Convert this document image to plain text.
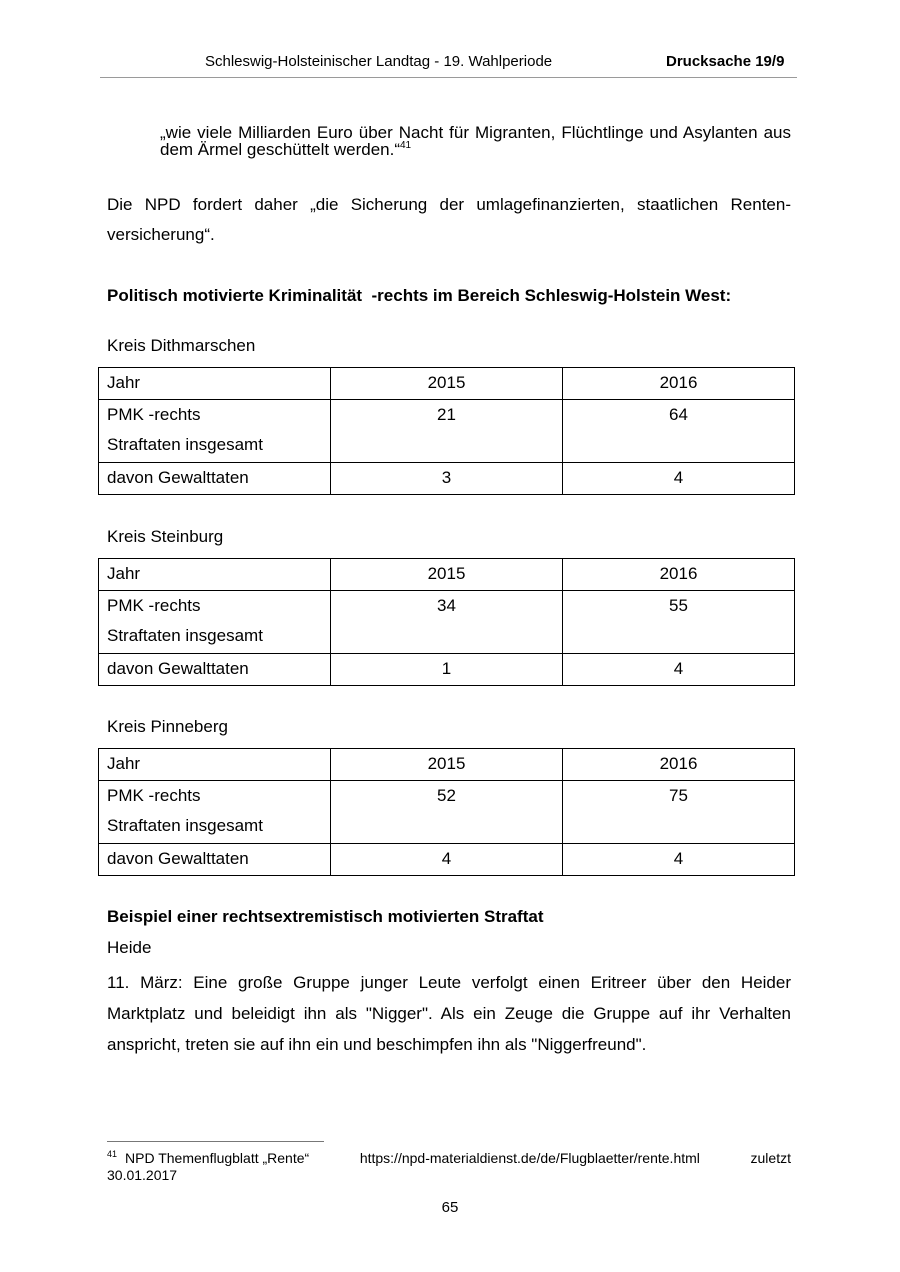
Schleswig-Holsteinischer Landtag - 19. Wahlperiode	Drucksache 19/9
„wie viele Milliarden Euro über Nacht für Migranten, Flüchtlinge und Asylanten aus dem Ärmel geschüttelt werden.“$^{41}$
Die NPD fordert daher „die Sicherung der umlagefinanzierten, staatlichen Renten-versicherung“.
Politisch motivierte Kriminalität  -rechts im Bereich Schleswig-Holstein West:
Kreis Dithmarschen
Jahr	2015	2016

PMK -rechts
Straftaten insgesamt	21	64
davon Gewalttaten	3	4
Kreis Steinburg
Jahr	2015	2016

PMK -rechts
Straftaten insgesamt	34	55
davon Gewalttaten	1	4
Kreis Pinneberg
Jahr	2015	2016

PMK -rechts
Straftaten insgesamt	52	75
davon Gewalttaten	4	4
Beispiel einer rechtsextremistisch motivierten Straftat
Heide
11. März: Eine große Gruppe junger Leute verfolgt einen Eritreer über den Heider Marktplatz und beleidigt ihn als "Nigger". Als ein Zeuge die Gruppe auf ihr Verhalten anspricht, treten sie auf ihn ein und beschimpfen ihn als "Niggerfreund".
$^{41}$ NPD Themenflugblatt „Rente“	https://npd-materialdienst.de/de/Flugblaetter/rente.html	zuletzt
30.01.2017
65
